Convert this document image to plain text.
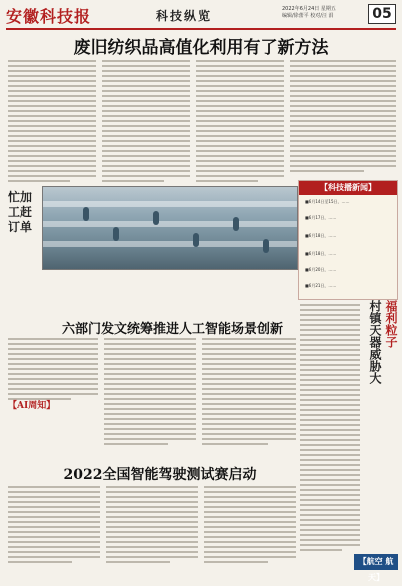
安徽科技报	科技纵览	2022年6月24日 星期五
编辑/徐蕾平 校对/汪 涓	05
废旧纺织品高值化利用有了新方法
忙加工赶订单
【科技播新闻】
■6月14日至15日，……
■6月17日，……
■6月18日，……
■6月18日，……
■6月20日，……
■6月21日，……
村镇天器威胁大 福利粒子
六部门发文统筹推进人工智能场景创新
【AI周知】
2022全国智能驾驶测试赛启动
【航空 航天】
